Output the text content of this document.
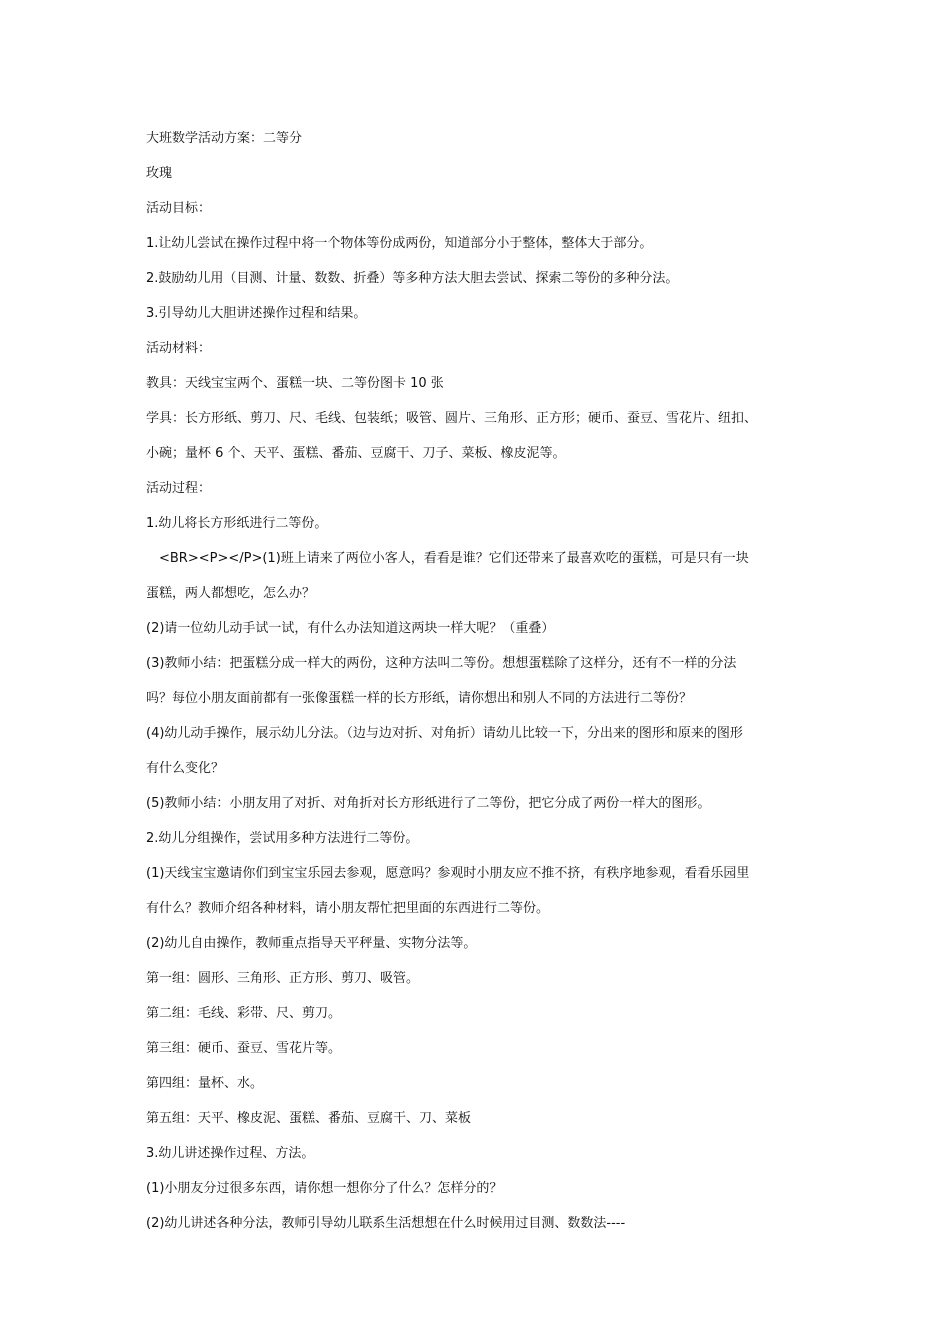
大班数学活动方案：二等分
玫瑰
活动目标：
1.让幼儿尝试在操作过程中将一个物体等份成两份，知道部分小于整体，整体大于部分。
2.鼓励幼儿用（目测、计量、数数、折叠）等多种方法大胆去尝试、探索二等份的多种分法。
3.引导幼儿大胆讲述操作过程和结果。
活动材料：
教具：天线宝宝两个、蛋糕一块、二等份图卡 10 张
学具：长方形纸、剪刀、尺、毛线、包装纸；吸管、圆片、三角形、正方形；硬币、蚕豆、雪花片、纽扣、
小碗；量杯 6 个、天平、蛋糕、番茄、豆腐干、刀子、菜板、橡皮泥等。
活动过程：
1.幼儿将长方形纸进行二等份。
　<BR><P></P>(1)班上请来了两位小客人，看看是谁？它们还带来了最喜欢吃的蛋糕，可是只有一块
蛋糕，两人都想吃，怎么办？
(2)请一位幼儿动手试一试，有什么办法知道这两块一样大呢？（重叠）
(3)教师小结：把蛋糕分成一样大的两份，这种方法叫二等份。想想蛋糕除了这样分，还有不一样的分法
吗？每位小朋友面前都有一张像蛋糕一样的长方形纸，请你想出和别人不同的方法进行二等份？
(4)幼儿动手操作，展示幼儿分法。（边与边对折、对角折）请幼儿比较一下，分出来的图形和原来的图形
有什么变化？
(5)教师小结：小朋友用了对折、对角折对长方形纸进行了二等份，把它分成了两份一样大的图形。
2.幼儿分组操作，尝试用多种方法进行二等份。
(1)天线宝宝邀请你们到宝宝乐园去参观，愿意吗？参观时小朋友应不推不挤，有秩序地参观，看看乐园里
有什么？教师介绍各种材料，请小朋友帮忙把里面的东西进行二等份。
(2)幼儿自由操作，教师重点指导天平秤量、实物分法等。
第一组：圆形、三角形、正方形、剪刀、吸管。
第二组：毛线、彩带、尺、剪刀。
第三组：硬币、蚕豆、雪花片等。
第四组：量杯、水。
第五组：天平、橡皮泥、蛋糕、番茄、豆腐干、刀、菜板
3.幼儿讲述操作过程、方法。
(1)小朋友分过很多东西，请你想一想你分了什么？怎样分的？
(2)幼儿讲述各种分法，教师引导幼儿联系生活想想在什么时候用过目测、数数法----
